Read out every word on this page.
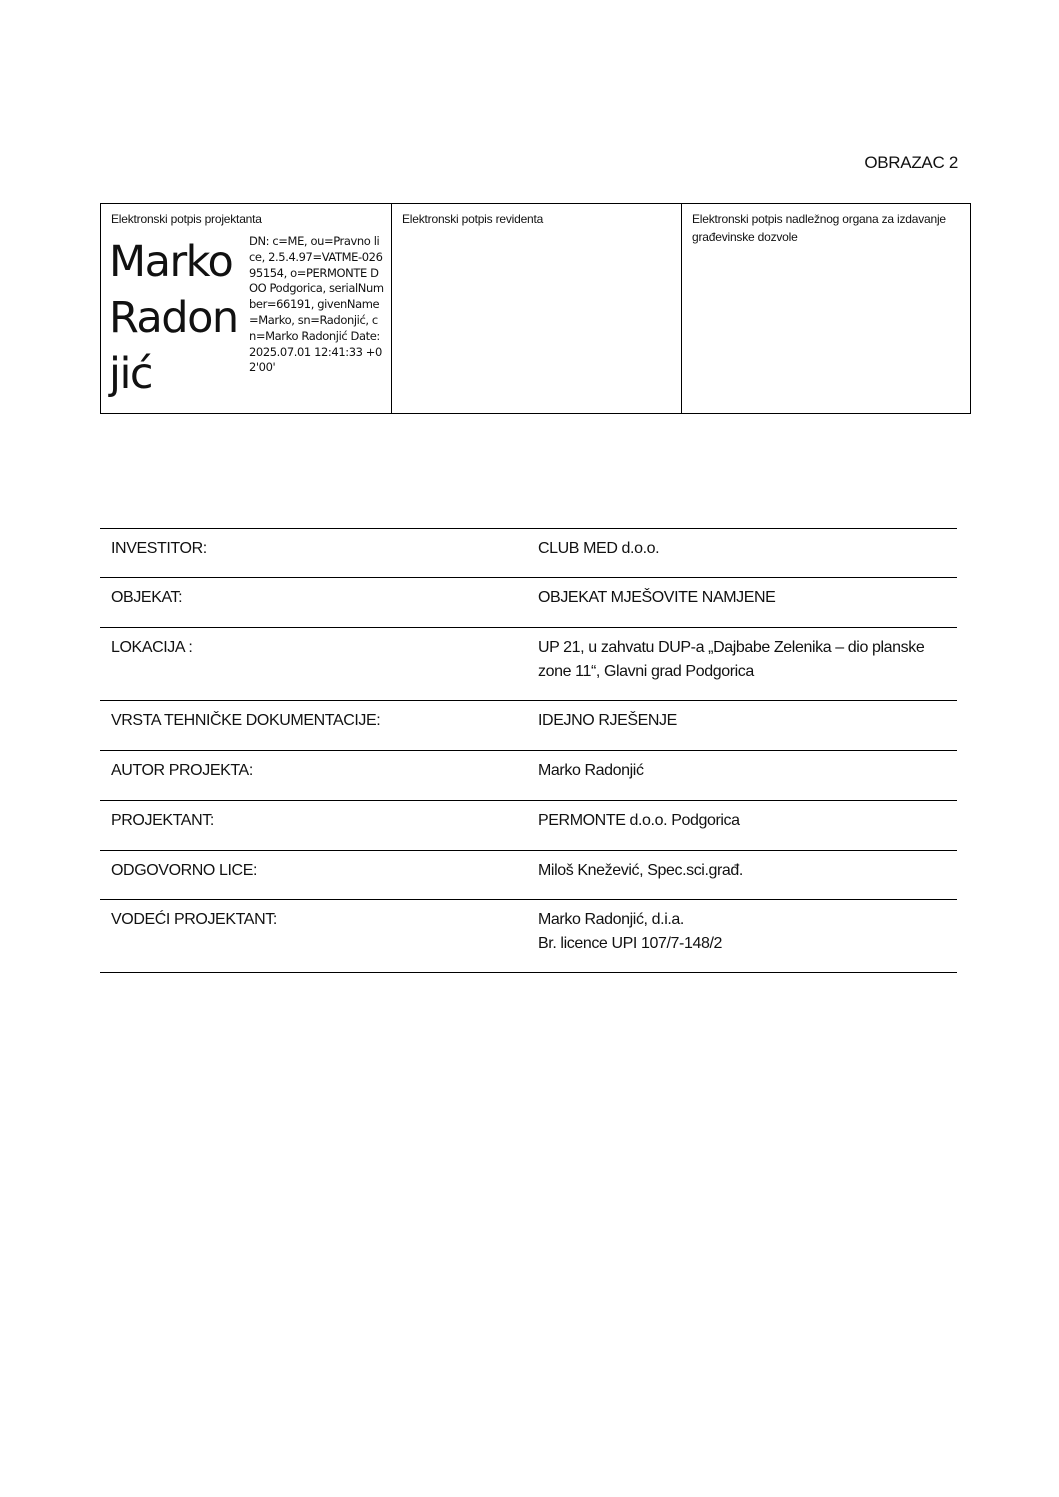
OBRAZAC 2
Elektronski potpis projektanta
Marko Radonjić
DN: c=ME, ou=Pravno lice, 2.5.4.97=VATME-02695154, o=PERMONTE DOO Podgorica, serialNumber=66191, givenName=Marko, sn=Radonjić, cn=Marko Radonjić Date: 2025.07.01 12:41:33 +02'00'
Elektronski potpis revidenta	Elektronski potpis nadležnog organa za izdavanje građevinske dozvole
INVESTITOR:	CLUB MED d.o.o.
OBJEKAT:	OBJEKAT MJEŠOVITE NAMJENE
LOKACIJA :	UP 21, u zahvatu DUP-a „Dajbabe Zelenika – dio planske zone 11“, Glavni grad Podgorica
VRSTA TEHNIČKE DOKUMENTACIJE:	IDEJNO RJEŠENJE
AUTOR PROJEKTA:	Marko Radonjić
PROJEKTANT:	PERMONTE d.o.o. Podgorica
ODGOVORNO LICE:	Miloš Knežević, Spec.sci.građ.
VODEĆI PROJEKTANT:	Marko Radonjić, d.i.a.
Br. licence UPI 107/7-148/2
